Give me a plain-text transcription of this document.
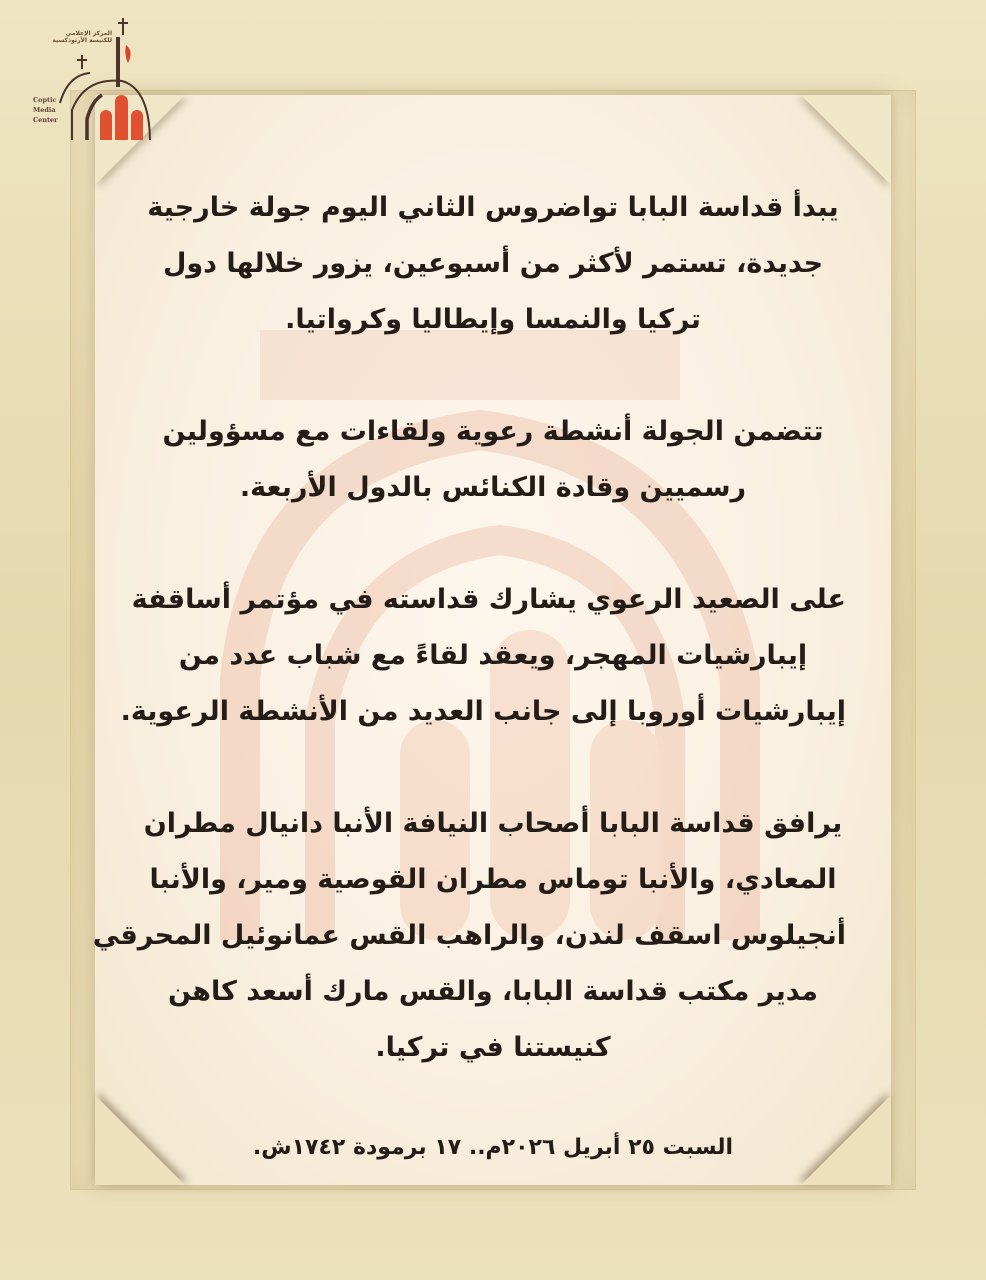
المركز الإعلامي
للكنيسة الأرثوذكسية
Coptic
Media
Center

يبدأ قداسة البابا تواضروس الثاني اليوم جولة خارجية
جديدة، تستمر لأكثر من أسبوعين، يزور خلالها دول
تركيا والنمسا وإيطاليا وكرواتيا.

تتضمن الجولة أنشطة رعوية ولقاءات مع مسؤولين
رسميين وقادة الكنائس بالدول الأربعة.

على الصعيد الرعوي يشارك قداسته في مؤتمر أساقفة
إيبارشيات المهجر، ويعقد لقاءً مع شباب عدد من
إيبارشيات أوروبا إلى جانب العديد من الأنشطة الرعوية.

يرافق قداسة البابا أصحاب النيافة الأنبا دانيال مطران
المعادي، والأنبا توماس مطران القوصية ومير، والأنبا
أنجيلوس اسقف لندن، والراهب القس عمانوئيل المحرقي
مدير مكتب قداسة البابا، والقس مارك أسعد كاهن
كنيستنا في تركيا.

السبت ٢٥ أبريل ٢٠٢٦م.. ١٧ برمودة ١٧٤٢ش.
